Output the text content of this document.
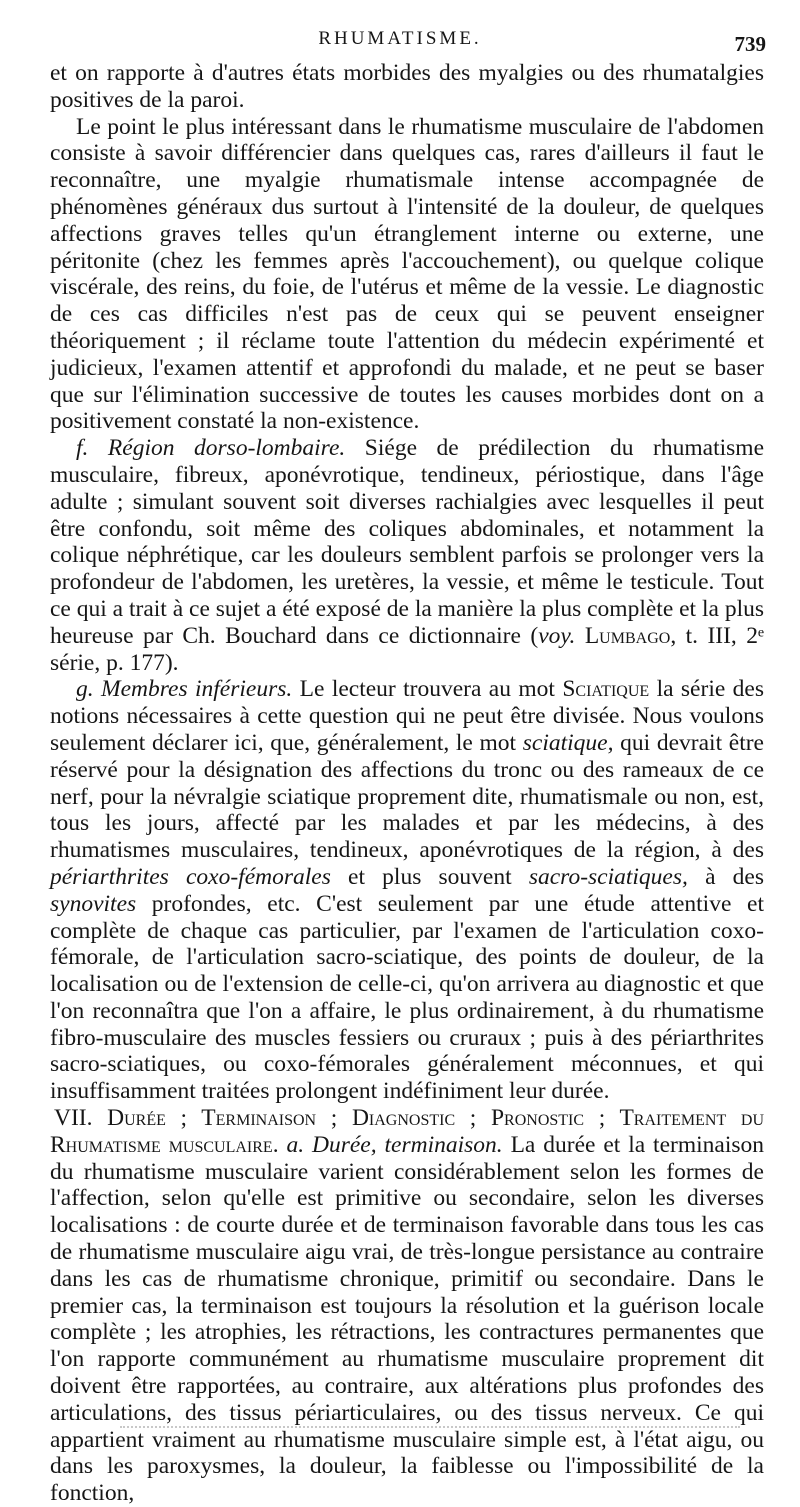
RHUMATISME.	739

et on rapporte à d'autres états morbides des myalgies ou des rhumatalgies positives de la paroi.

Le point le plus intéressant dans le rhumatisme musculaire de l'abdomen consiste à savoir différencier dans quelques cas, rares d'ailleurs il faut le reconnaître, une myalgie rhumatismale intense accompagnée de phénomènes généraux dus surtout à l'intensité de la douleur, de quelques affections graves telles qu'un étranglement interne ou externe, une péritonite (chez les femmes après l'accouchement), ou quelque colique viscérale, des reins, du foie, de l'utérus et même de la vessie. Le diagnostic de ces cas difficiles n'est pas de ceux qui se peuvent enseigner théoriquement ; il réclame toute l'attention du médecin expérimenté et judicieux, l'examen attentif et approfondi du malade, et ne peut se baser que sur l'élimination successive de toutes les causes morbides dont on a positivement constaté la non-existence.

f. Région dorso-lombaire. Siége de prédilection du rhumatisme musculaire, fibreux, aponévrotique, tendineux, périostique, dans l'âge adulte ; simulant souvent soit diverses rachialgies avec lesquelles il peut être confondu, soit même des coliques abdominales, et notamment la colique néphrétique, car les douleurs semblent parfois se prolonger vers la profondeur de l'abdomen, les uretères, la vessie, et même le testicule. Tout ce qui a trait à ce sujet a été exposé de la manière la plus complète et la plus heureuse par Ch. Bouchard dans ce dictionnaire (voy. Lumbago, t. III, 2ᵉ série, p. 177).

g. Membres inférieurs. Le lecteur trouvera au mot Sciatique la série des notions nécessaires à cette question qui ne peut être divisée. Nous voulons seulement déclarer ici, que, généralement, le mot sciatique, qui devrait être réservé pour la désignation des affections du tronc ou des rameaux de ce nerf, pour la névralgie sciatique proprement dite, rhumatismale ou non, est, tous les jours, affecté par les malades et par les médecins, à des rhumatismes musculaires, tendineux, aponévrotiques de la région, à des périarthrites coxo-fémorales et plus souvent sacro-sciatiques, à des synovites profondes, etc. C'est seulement par une étude attentive et complète de chaque cas particulier, par l'examen de l'articulation coxo-fémorale, de l'articulation sacro-sciatique, des points de douleur, de la localisation ou de l'extension de celle-ci, qu'on arrivera au diagnostic et que l'on reconnaîtra que l'on a affaire, le plus ordinairement, à du rhumatisme fibro-musculaire des muscles fessiers ou cruraux ; puis à des périarthrites sacro-sciatiques, ou coxo-fémorales généralement méconnues, et qui insuffisamment traitées prolongent indéfiniment leur durée.

VII. Durée ; Terminaison ; Diagnostic ; Pronostic ; Traitement du Rhumatisme musculaire. a. Durée, terminaison. La durée et la terminaison du rhumatisme musculaire varient considérablement selon les formes de l'affection, selon qu'elle est primitive ou secondaire, selon les diverses localisations : de courte durée et de terminaison favorable dans tous les cas de rhumatisme musculaire aigu vrai, de très-longue persistance au contraire dans les cas de rhumatisme chronique, primitif ou secondaire. Dans le premier cas, la terminaison est toujours la résolution et la guérison locale complète ; les atrophies, les rétractions, les contractures permanentes que l'on rapporte communément au rhumatisme musculaire proprement dit doivent être rapportées, au contraire, aux altérations plus profondes des articulations, des tissus périarticulaires, ou des tissus nerveux. Ce qui appartient vraiment au rhumatisme musculaire simple est, à l'état aigu, ou dans les paroxysmes, la douleur, la faiblesse ou l'impossibilité de la fonction,
